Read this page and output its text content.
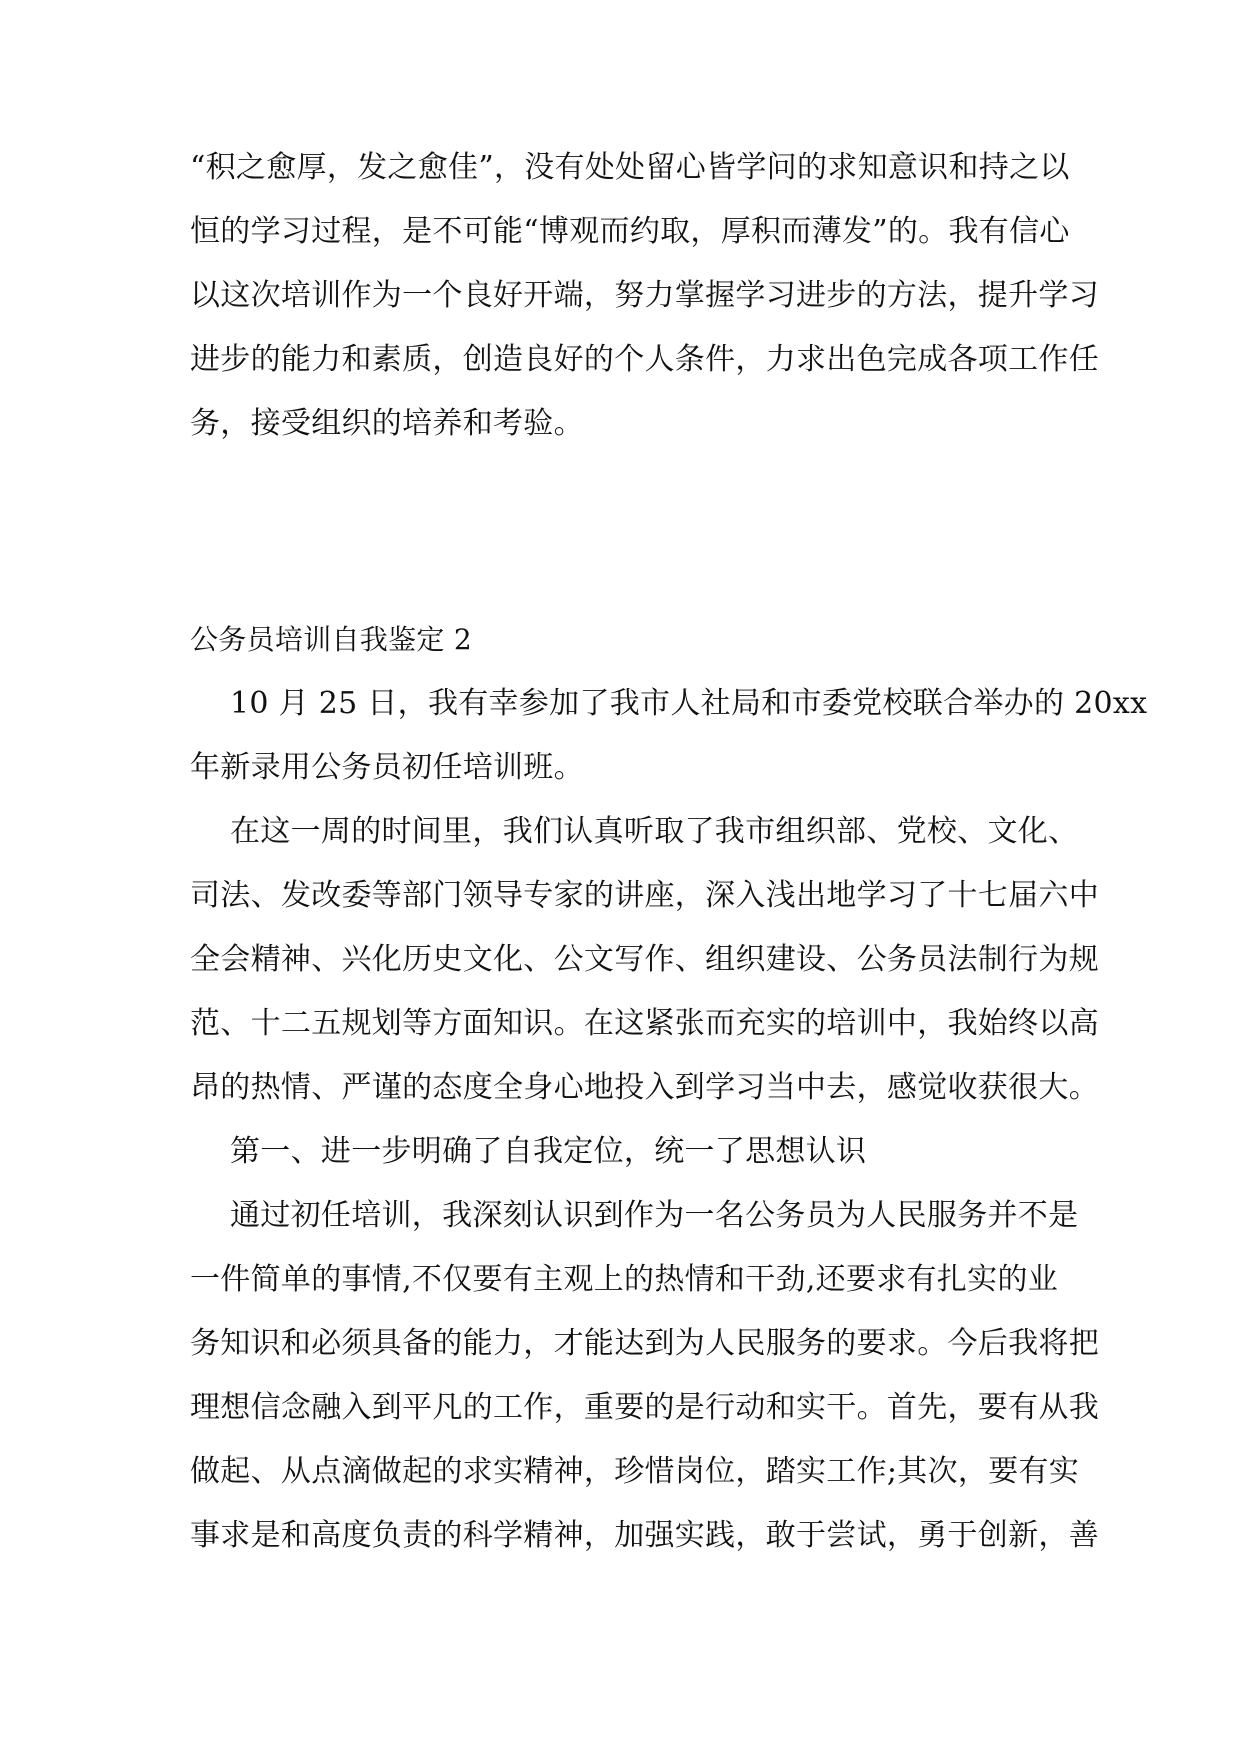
“积之愈厚，发之愈佳”，没有处处留心皆学问的求知意识和持之以
恒的学习过程，是不可能“博观而约取，厚积而薄发”的。我有信心
以这次培训作为一个良好开端，努力掌握学习进步的方法，提升学习
进步的能力和素质，创造良好的个人条件，力求出色完成各项工作任
务，接受组织的培养和考验。
公务员培训自我鉴定 2
10 月 25 日，我有幸参加了我市人社局和市委党校联合举办的 20xx
年新录用公务员初任培训班。
在这一周的时间里，我们认真听取了我市组织部、党校、文化、
司法、发改委等部门领导专家的讲座，深入浅出地学习了十七届六中
全会精神、兴化历史文化、公文写作、组织建设、公务员法制行为规
范、十二五规划等方面知识。在这紧张而充实的培训中，我始终以高
昂的热情、严谨的态度全身心地投入到学习当中去，感觉收获很大。
第一、进一步明确了自我定位，统一了思想认识
通过初任培训，我深刻认识到作为一名公务员为人民服务并不是
一件简单的事情,不仅要有主观上的热情和干劲,还要求有扎实的业
务知识和必须具备的能力，才能达到为人民服务的要求。今后我将把
理想信念融入到平凡的工作，重要的是行动和实干。首先，要有从我
做起、从点滴做起的求实精神，珍惜岗位，踏实工作;其次，要有实
事求是和高度负责的科学精神，加强实践，敢于尝试，勇于创新，善
